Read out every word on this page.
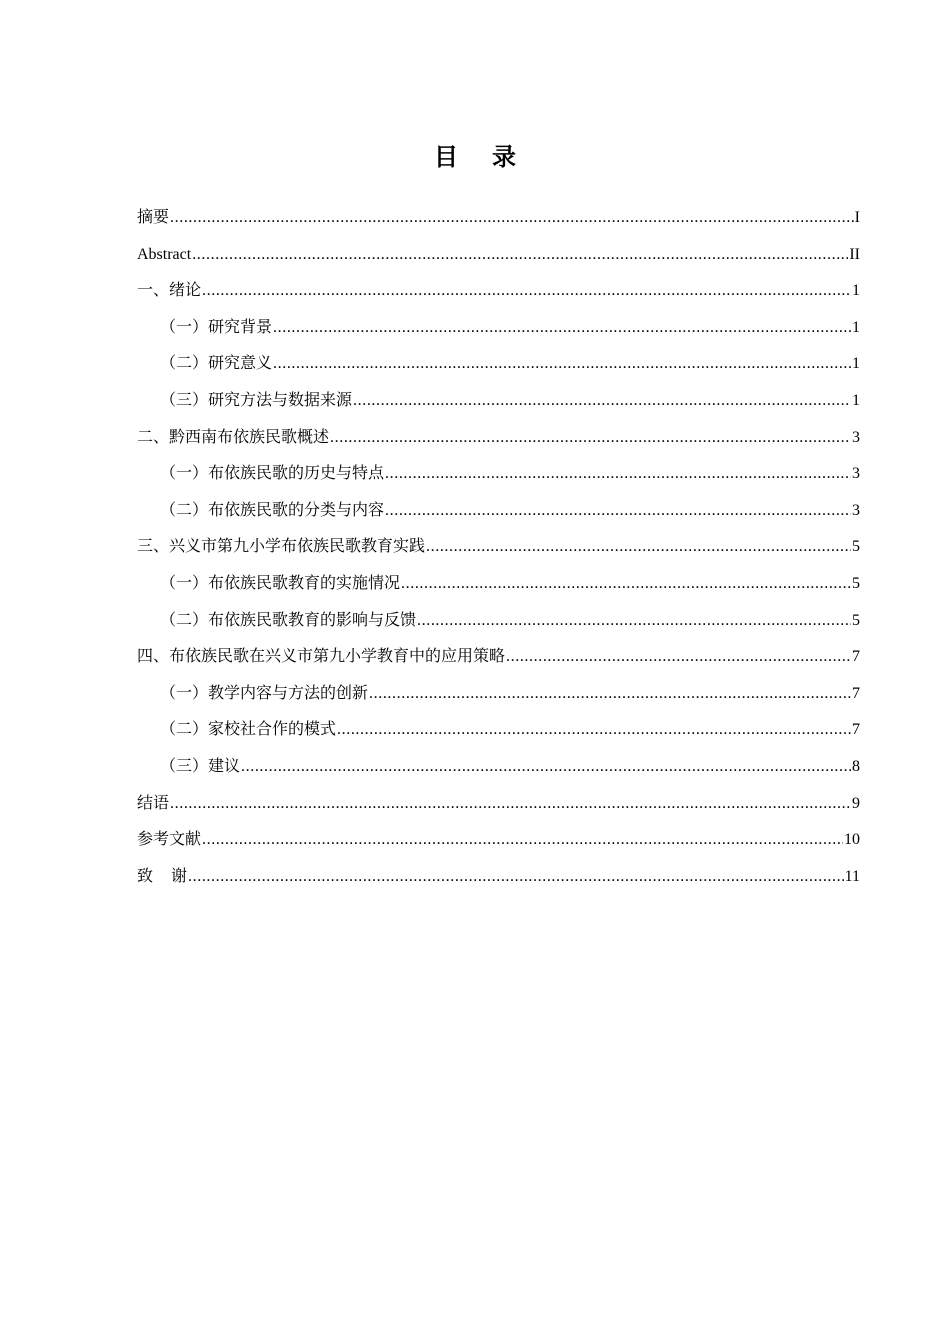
目 录
摘要 .....	I
Abstract .....	II
一、绪论 .....	1
（一）研究背景 .....	1
（二）研究意义 .....	1
（三）研究方法与数据来源 .....	1
二、黔西南布依族民歌概述 .....	3
（一）布依族民歌的历史与特点 .....	3
（二）布依族民歌的分类与内容 .....	3
三、兴义市第九小学布依族民歌教育实践 .....	5
（一）布依族民歌教育的实施情况 .....	5
（二）布依族民歌教育的影响与反馈 .....	5
四、布依族民歌在兴义市第九小学教育中的应用策略 .....	7
（一）教学内容与方法的创新 .....	7
（二）家校社合作的模式 .....	7
（三）建议 .....	8
结语 .....	9
参考文献 .....	10
致 谢 .....	11
